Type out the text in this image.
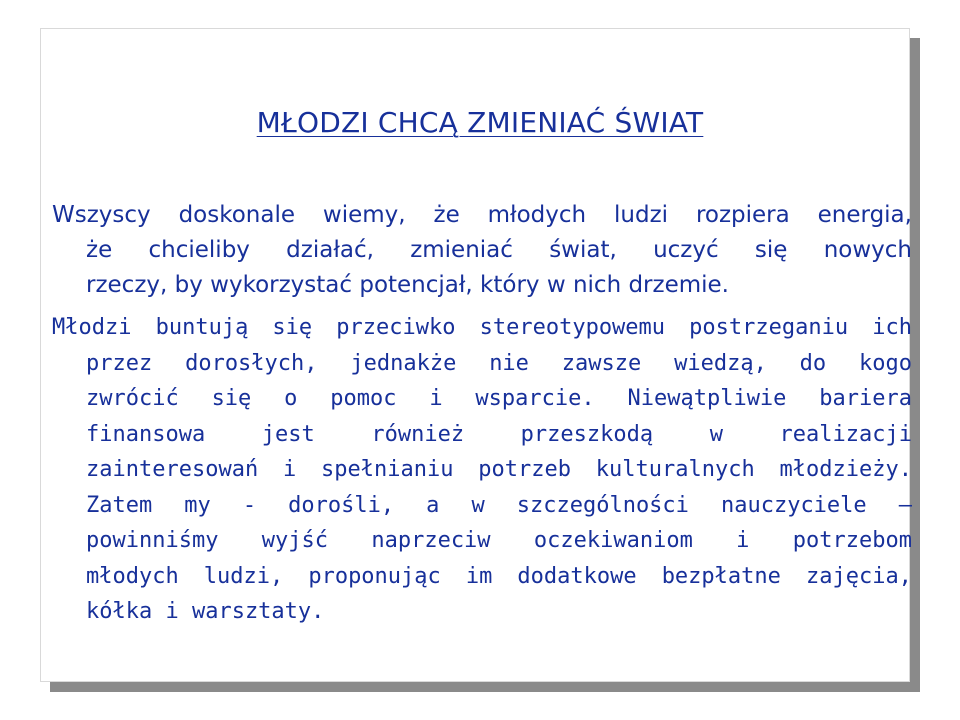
MŁODZI CHCĄ ZMIENIAĆ ŚWIAT
Wszyscy doskonale wiemy, że młodych ludzi rozpiera energia,
że chcieliby działać, zmieniać świat, uczyć się nowych
rzeczy, by wykorzystać potencjał, który w nich drzemie.
Młodzi buntują się przeciwko stereotypowemu postrzeganiu ich
przez dorosłych, jednakże nie zawsze wiedzą, do kogo
zwrócić się o pomoc i wsparcie. Niewątpliwie bariera
finansowa	jest	również	przeszkodą	w	realizacji
zainteresowań i spełnianiu potrzeb kulturalnych młodzieży.
Zatem my - dorośli, a w szczególności nauczyciele –
powinniśmy wyjść naprzeciw oczekiwaniom i potrzebom
młodych ludzi, proponując im dodatkowe bezpłatne zajęcia,
kółka i warsztaty.
